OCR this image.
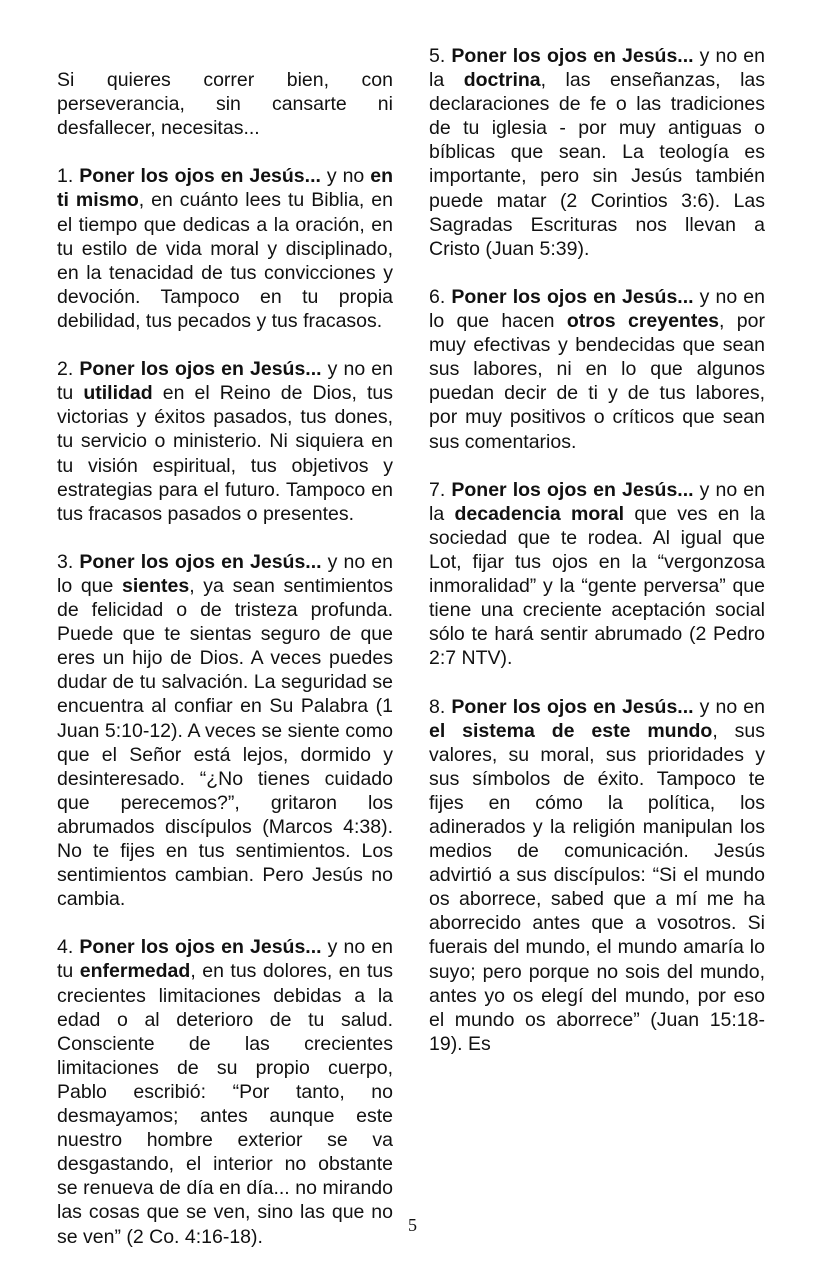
Si quieres correr bien, con perseverancia, sin cansarte ni desfallecer, necesitas...

1. Poner los ojos en Jesús... y no en ti mismo, en cuánto lees tu Biblia, en el tiempo que dedicas a la oración, en tu estilo de vida moral y disciplinado, en la tenacidad de tus convicciones y devoción. Tampoco en tu propia debilidad, tus pecados y tus fracasos.

2. Poner los ojos en Jesús... y no en tu utilidad en el Reino de Dios, tus victorias y éxitos pasados, tus dones, tu servicio o ministerio. Ni siquiera en tu visión espiritual, tus objetivos y estrategias para el futuro. Tampoco en tus fracasos pasados o presentes.

3. Poner los ojos en Jesús... y no en lo que sientes, ya sean sentimientos de felicidad o de tristeza profunda. Puede que te sientas seguro de que eres un hijo de Dios. A veces puedes dudar de tu salvación. La seguridad se encuentra al confiar en Su Palabra (1 Juan 5:10-12). A veces se siente como que el Señor está lejos, dormido y desinteresado. “¿No tienes cuidado que perecemos?”, gritaron los abrumados discípulos (Marcos 4:38). No te fijes en tus sentimientos. Los sentimientos cambian. Pero Jesús no cambia.

4. Poner los ojos en Jesús... y no en tu enfermedad, en tus dolores, en tus crecientes limitaciones debidas a la edad o al deterioro de tu salud. Consciente de las crecientes limitaciones de su propio cuerpo, Pablo escribió: “Por tanto, no desmayamos; antes aunque este nuestro hombre exterior se va desgastando, el interior no obstante se renueva de día en día... no mirando las cosas que se ven, sino las que no se ven” (2 Co. 4:16-18).

5. Poner los ojos en Jesús... y no en la doctrina, las enseñanzas, las declaraciones de fe o las tradiciones de tu iglesia - por muy antiguas o bíblicas que sean. La teología es importante, pero sin Jesús también puede matar (2 Corintios 3:6). Las Sagradas Escrituras nos llevan a Cristo (Juan 5:39).

6. Poner los ojos en Jesús... y no en lo que hacen otros creyentes, por muy efectivas y bendecidas que sean sus labores, ni en lo que algunos puedan decir de ti y de tus labores, por muy positivos o críticos que sean sus comentarios.

7. Poner los ojos en Jesús... y no en la decadencia moral que ves en la sociedad que te rodea. Al igual que Lot, fijar tus ojos en la “vergonzosa inmoralidad” y la “gente perversa” que tiene una creciente aceptación social sólo te hará sentir abrumado (2 Pedro 2:7 NTV).

8. Poner los ojos en Jesús... y no en el sistema de este mundo, sus valores, su moral, sus prioridades y sus símbolos de éxito. Tampoco te fijes en cómo la política, los adinerados y la religión manipulan los medios de comunicación. Jesús advirtió a sus discípulos: “Si el mundo os aborrece, sabed que a mí me ha aborrecido antes que a vosotros. Si fuerais del mundo, el mundo amaría lo suyo; pero porque no sois del mundo, antes yo os elegí del mundo, por eso el mundo os aborrece” (Juan 15:18-19). Es

5
